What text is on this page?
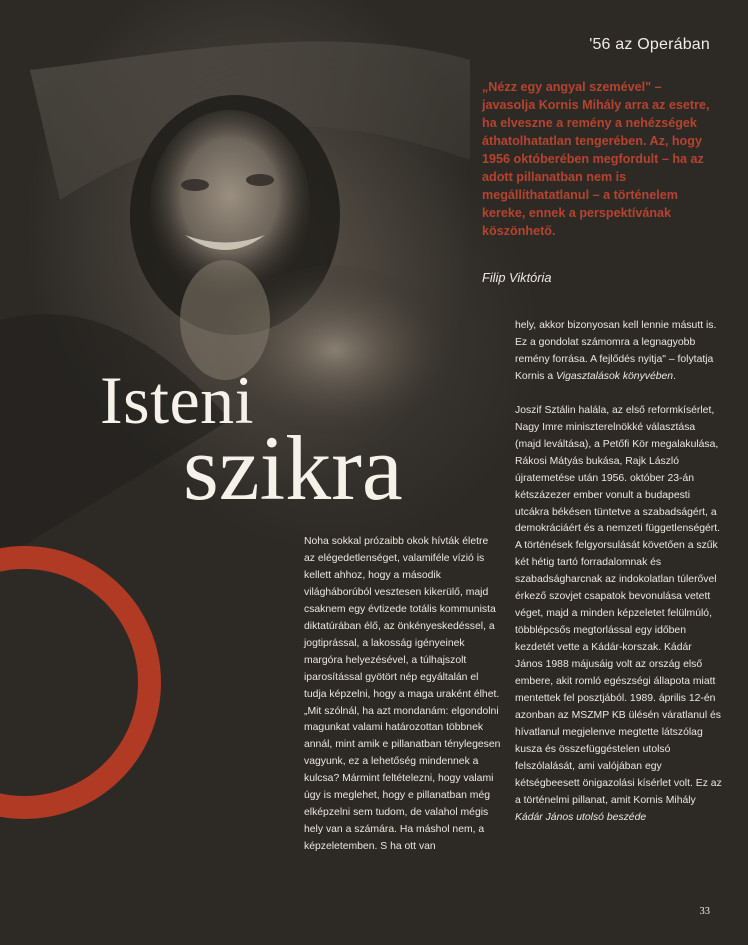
'56 az Operában
„Nézz egy angyal szemével" – javasolja Kornis Mihály arra az esetre, ha elveszne a remény a nehézségek áthatolhatatlan tengerében. Az, hogy 1956 októberében megfordult – ha az adott pillanatban nem is megállíthatatlanul – a történelem kereke, ennek a perspektívának köszönhető.
Filip Viktória
Isteni
szikra

Noha sokkal prózaibb okok hívták életre az elégedetlenséget, valamiféle vízió is kellett ahhoz, hogy a második világháborúból vesztesen kikerülő, majd csaknem egy évtizede totális kommunista diktatúrában élő, az önkényeskedéssel, a jogtiprással, a lakosság igényeinek margóra helyezésével, a túlhajszolt iparosítással gyötört nép egyáltalán el tudja képzelni, hogy a maga uraként élhet. „Mit szólnál, ha azt mondanám: elgondolni magunkat valami határozottan többnek annál, mint amik e pillanatban ténylegesen vagyunk, ez a lehetőség mindennek a kulcsa? Mármint feltételezni, hogy valami úgy is meglehet, hogy e pillanatban még elképzelni sem tudom, de valahol mégis hely van a számára. Ha máshol nem, a képzeletemben. S ha ott van

hely, akkor bizonyosan kell lennie másutt is. Ez a gondolat számomra a legnagyobb remény forrása. A fejlődés nyitja" – folytatja Kornis a Vigasztalások könyvében.

Joszif Sztálin halála, az első reformkísérlet, Nagy Imre miniszterelnökké választása (majd leváltása), a Petőfi Kör megalakulása, Rákosi Mátyás bukása, Rajk László újratemetése után 1956. október 23-án kétszázezer ember vonult a budapesti utcákra békésen tüntetve a szabadságért, a demokráciáért és a nemzeti függetlenségért. A történések felgyorsulását követően a szűk két hétig tartó forradalomnak és szabadságharcnak az indokolatlan túlerővel érkező szovjet csapatok bevonulása vetett véget, majd a minden képzeletet felülmúló, többlépcsős megtorlással egy időben kezdetét vette a Kádár-korszak. Kádár János 1988 májusáig volt az ország első embere, akit romló egészségi állapota miatt mentettek fel posztjából. 1989. április 12-én azonban az MSZMP KB ülésén váratlanul és hívatlanul megjelenve megtette látszólag kusza és összefüggéstelen utolsó felszólalását, ami valójában egy kétségbeesett önigazolási kísérlet volt. Ez az a történelmi pillanat, amit Kornis Mihály Kádár János utolsó beszéde

33
